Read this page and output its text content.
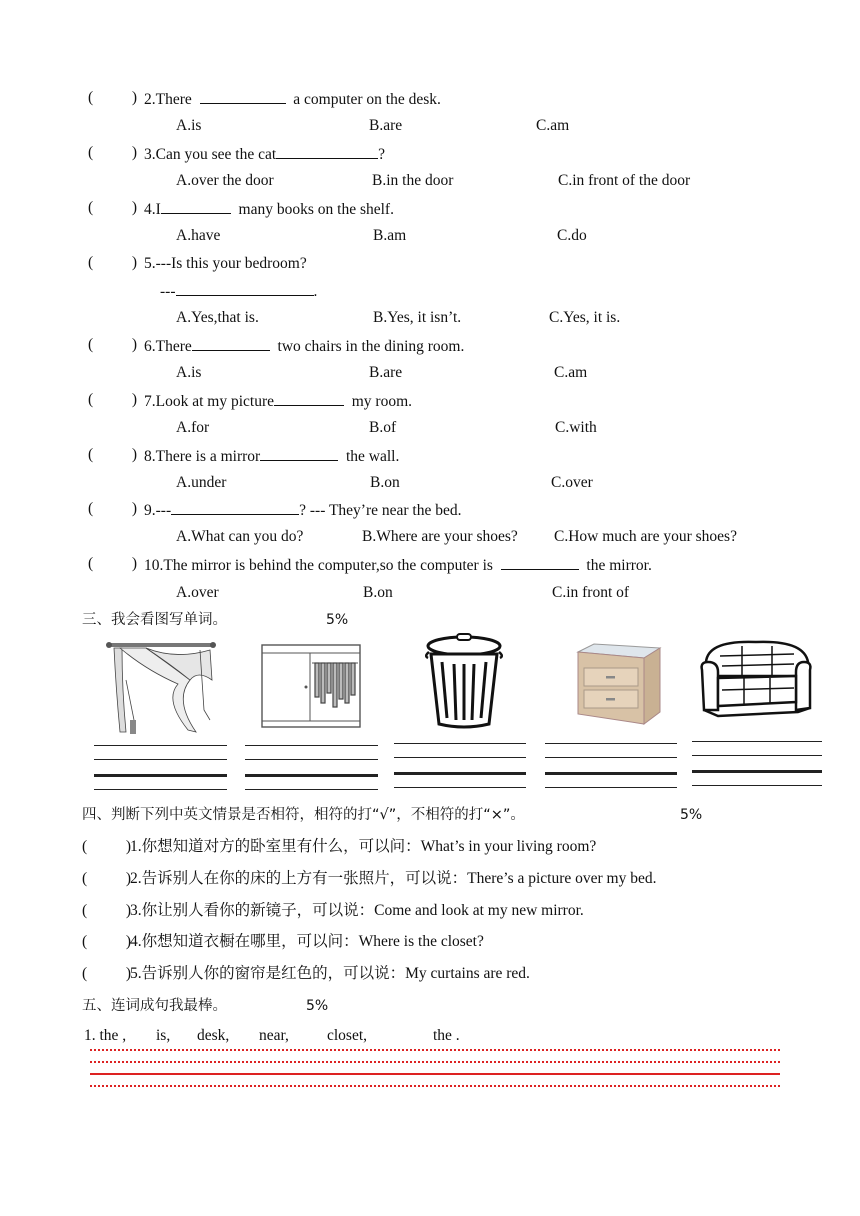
(          ) 2.There	a computer on the desk.
A.is	B.are	C.am
(          ) 3.Can you see the cat	?
A.over the door	B.in the door	C.in front of the door
(          ) 4.I	many books on the shelf.
A.have	B.am	C.do
(          ) 5.---Is this your bedroom?
---	.
A.Yes,that is.	B.Yes, it isn’t.	C.Yes, it is.
(          ) 6.There	two chairs in the dining room.
A.is	B.are	C.am
(          ) 7.Look at my picture	my room.
A.for	B.of	C.with
(          ) 8.There is a mirror	the wall.
A.under	B.on	C.over
(          ) 9.---	? --- They’re near the bed.
A.What can you do?	B.Where are your shoes? C.How much are your shoes?
(          ) 10.The mirror is behind the computer,so the computer is	the mirror.
A.over	B.on	C.in front of
三、我会看图写单词。	5%
四、判断下列中英文情景是否相符，相符的打“√”，不相符的打“×”。	5%
(          )
1.你想知道对方的卧室里有什么，可以问：What’s in your living room?
(          )
2.告诉别人在你的床的上方有一张照片，可以说：There’s a picture over my bed.
(          )
3.你让别人看你的新镜子，可以说：Come and look at my new mirror.
(          )
4.你想知道衣橱在哪里，可以问：Where is the closet?
(          )
5.告诉别人你的窗帘是红色的，可以说：My curtains are red.
五、连词成句我最棒。	5%
1. the , is, desk, near, closet,	the .
